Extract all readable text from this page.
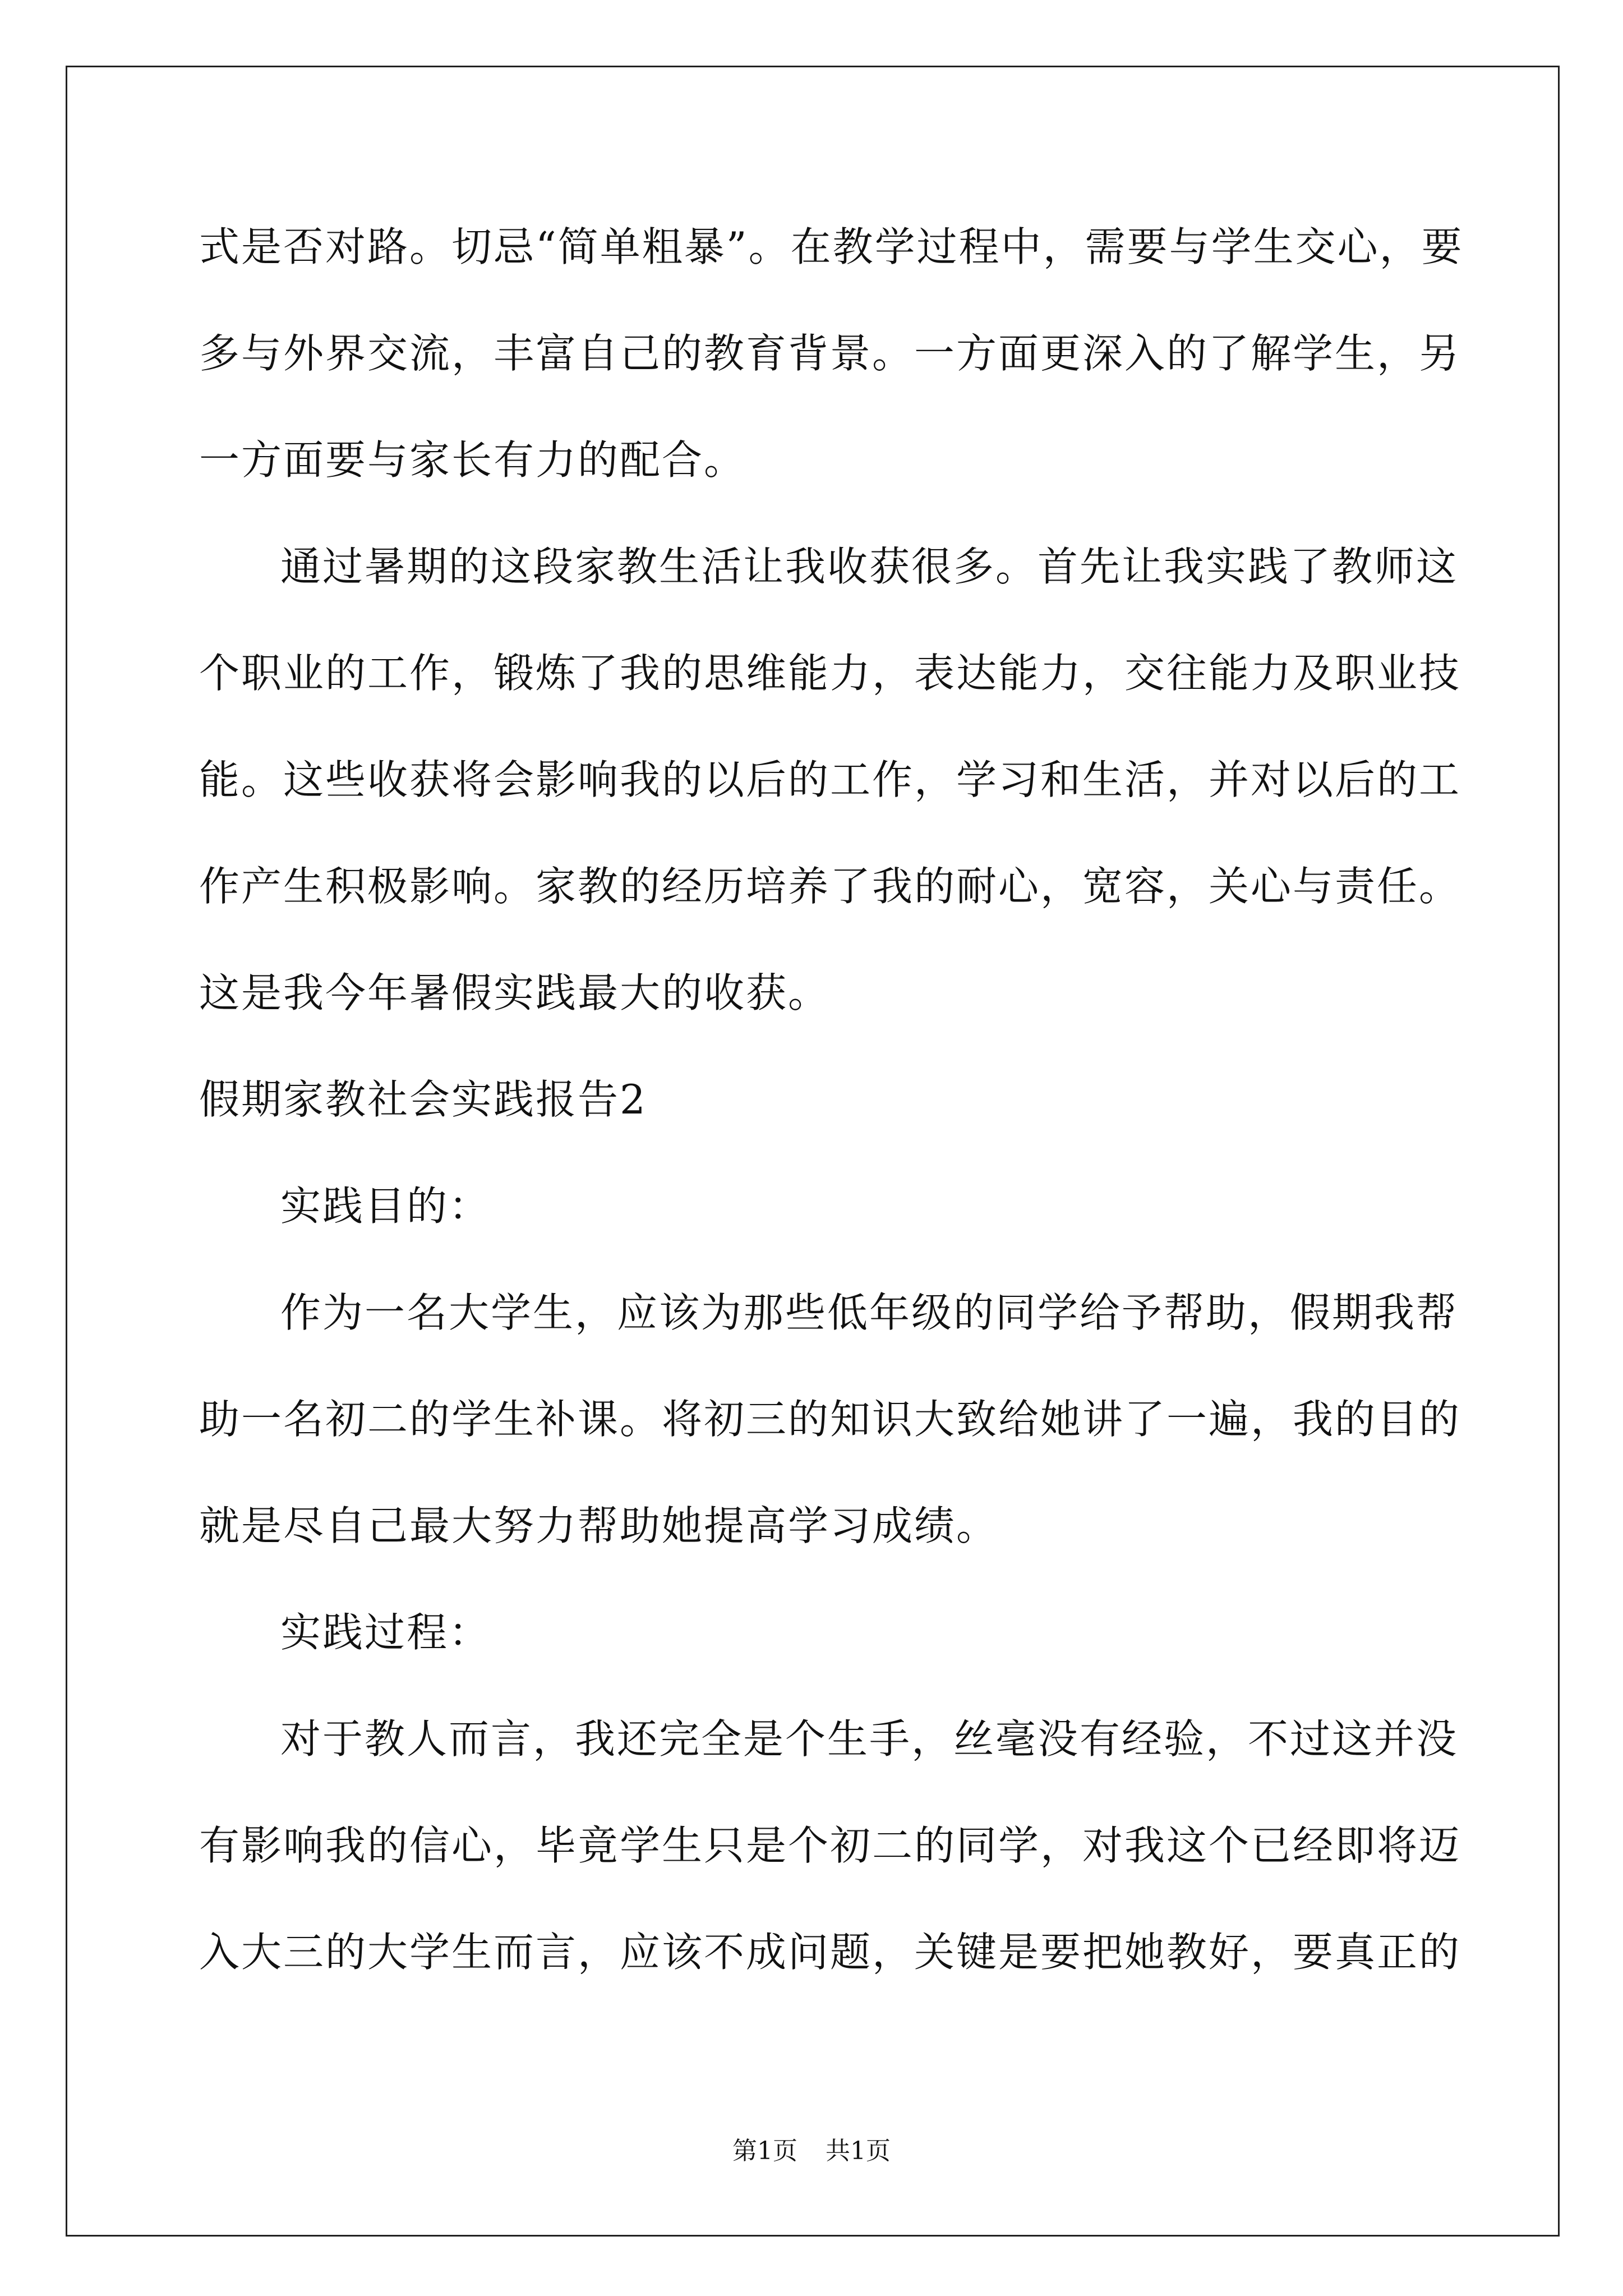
式是否对路。切忌“简单粗暴”。在教学过程中，需要与学生交心，要
多与外界交流，丰富自己的教育背景。一方面更深入的了解学生，另
一方面要与家长有力的配合。
通过暑期的这段家教生活让我收获很多。首先让我实践了教师这
个职业的工作，锻炼了我的思维能力，表达能力，交往能力及职业技
能。这些收获将会影响我的以后的工作，学习和生活，并对以后的工
作产生积极影响。家教的经历培养了我的耐心，宽容，关心与责任。
这是我今年暑假实践最大的收获。
假期家教社会实践报告2
实践目的：
作为一名大学生，应该为那些低年级的同学给予帮助，假期我帮
助一名初二的学生补课。将初三的知识大致给她讲了一遍，我的目的
就是尽自己最大努力帮助她提高学习成绩。
实践过程：
对于教人而言，我还完全是个生手，丝毫没有经验，不过这并没
有影响我的信心，毕竟学生只是个初二的同学，对我这个已经即将迈
入大三的大学生而言，应该不成问题，关键是要把她教好，要真正的
第1页 共1页
